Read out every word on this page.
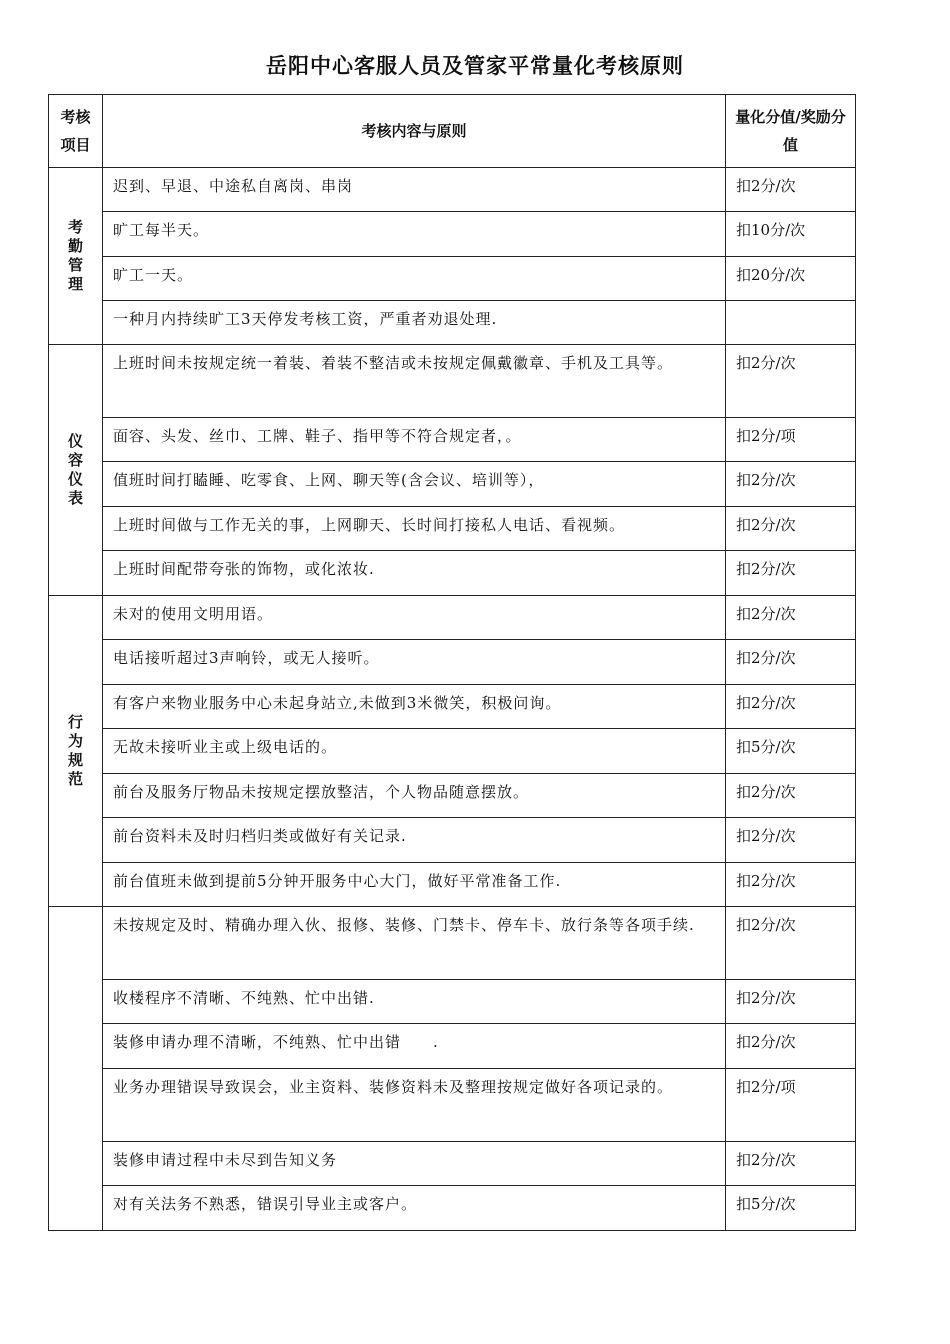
岳阳中心客服人员及管家平常量化考核原则
考核项目	考核内容与原则	量化分值/奖励分值
考勤管理	迟到、早退、中途私自离岗、串岗	扣2分/次
	旷工每半天。	扣10分/次
	旷工一天。	扣20分/次
	一种月内持续旷工3天停发考核工资，严重者劝退处理.	
仪容仪表	上班时间未按规定统一着装、着装不整洁或未按规定佩戴徽章、手机及工具等。	扣2分/次
	面容、头发、丝巾、工牌、鞋子、指甲等不符合规定者，。	扣2分/项
	值班时间打瞌睡、吃零食、上网、聊天等(含会议、培训等），	扣2分/次
	上班时间做与工作无关的事，上网聊天、长时间打接私人电话、看视频。	扣2分/次
	上班时间配带夸张的饰物，或化浓妆.	扣2分/次
行为规范	未对的使用文明用语。	扣2分/次
	电话接听超过3声响铃，或无人接听。	扣2分/次
	有客户来物业服务中心未起身站立,未做到3米微笑，积极问询。	扣2分/次
	无故未接听业主或上级电话的。	扣5分/次
	前台及服务厅物品未按规定摆放整洁，个人物品随意摆放。	扣2分/次
	前台资料未及时归档归类或做好有关记录.	扣2分/次
	前台值班未做到提前5分钟开服务中心大门，做好平常准备工作.	扣2分/次
	未按规定及时、精确办理入伙、报修、装修、门禁卡、停车卡、放行条等各项手续.	扣2分/次
	收楼程序不清晰、不纯熟、忙中出错.	扣2分/次
	装修申请办理不清晰，不纯熟、忙中出错　　.	扣2分/次
	业务办理错误导致误会，业主资料、装修资料未及整理按规定做好各项记录的。	扣2分/项
	装修申请过程中未尽到告知义务	扣2分/次
	对有关法务不熟悉，错误引导业主或客户。	扣5分/次
